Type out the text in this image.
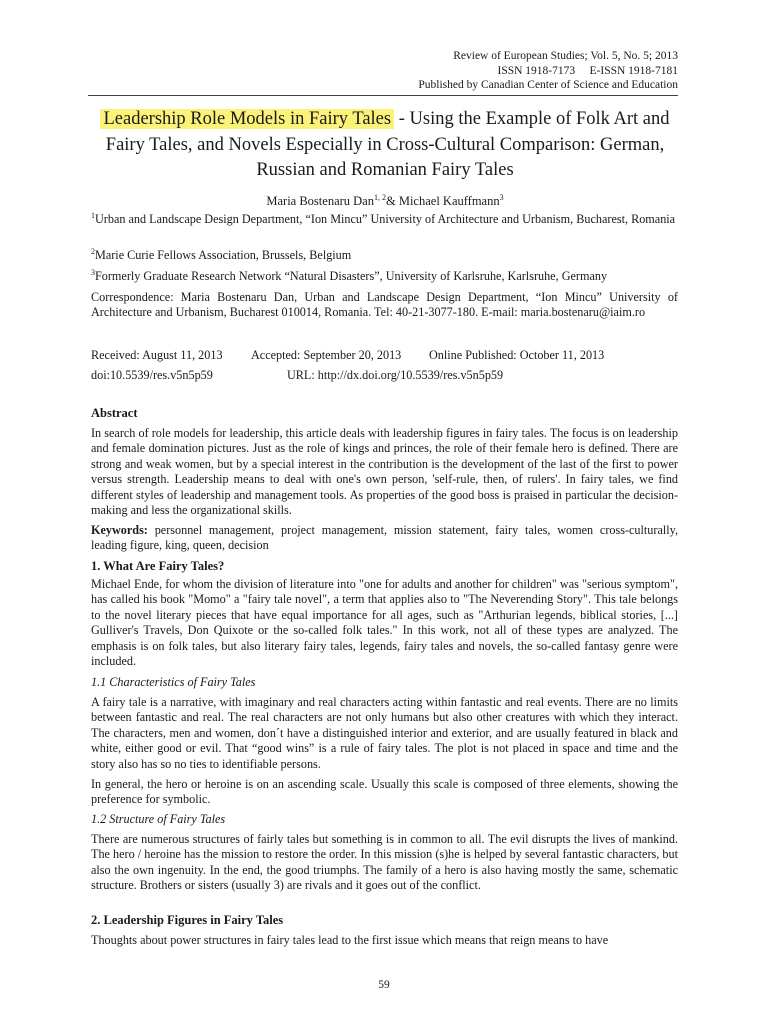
Review of European Studies; Vol. 5, No. 5; 2013
ISSN 1918-7173     E-ISSN 1918-7181
Published by Canadian Center of Science and Education
Leadership Role Models in Fairy Tales - Using the Example of Folk Art and Fairy Tales, and Novels Especially in Cross-Cultural Comparison: German, Russian and Romanian Fairy Tales
Maria Bostenaru Dan$^{1, 2}$& Michael Kauffmann$^3$
$^1$Urban and Landscape Design Department, “Ion Mincu” University of Architecture and Urbanism, Bucharest, Romania
$^2$Marie Curie Fellows Association, Brussels, Belgium
$^3$Formerly Graduate Research Network “Natural Disasters”, University of Karlsruhe, Karlsruhe, Germany
Correspondence: Maria Bostenaru Dan, Urban and Landscape Design Department, “Ion Mincu” University of Architecture and Urbanism, Bucharest 010014, Romania. Tel: 40-21-3077-180. E-mail: maria.bostenaru@iaim.ro
Received: August 11, 2013 Accepted: September 20, 2013 Online Published: October 11, 2013
doi:10.5539/res.v5n5p59	URL: http://dx.doi.org/10.5539/res.v5n5p59
Abstract
In search of role models for leadership, this article deals with leadership figures in fairy tales. The focus is on leadership and female domination pictures. Just as the role of kings and princes, the role of their female hero is defined. There are strong and weak women, but by a special interest in the contribution is the development of the last of the first to power versus strength. Leadership means to deal with one's own person, 'self-rule, then, of rulers'. In fairy tales, we find different styles of leadership and management tools. As properties of the good boss is praised in particular the decision-making and less the organizational skills.
Keywords: personnel management, project management, mission statement, fairy tales, women cross-culturally, leading figure, king, queen, decision
1. What Are Fairy Tales?
Michael Ende, for whom the division of literature into "one for adults and another for children" was "serious symptom", has called his book "Momo" a "fairy tale novel", a term that applies also to "The Neverending Story". This tale belongs to the novel literary pieces that have equal importance for all ages, such as "Arthurian legends, biblical stories, [...] Gulliver's Travels, Don Quixote or the so-called folk tales." In this work, not all of these types are analyzed. The emphasis is on folk tales, but also literary fairy tales, legends, fairy tales and novels, the so-called fantasy genre were included.
1.1 Characteristics of Fairy Tales
A fairy tale is a narrative, with imaginary and real characters acting within fantastic and real events. There are no limits between fantastic and real. The real characters are not only humans but also other creatures with which they interact. The characters, men and women, don´t have a distinguished interior and exterior, and are usually featured in black and white, either good or evil. That “good wins” is a rule of fairy tales. The plot is not placed in space and time and the story also has so no ties to identifiable persons.
In general, the hero or heroine is on an ascending scale. Usually this scale is composed of three elements, showing the preference for symbolic.
1.2 Structure of Fairy Tales
There are numerous structures of fairly tales but something is in common to all. The evil disrupts the lives of mankind. The hero / heroine has the mission to restore the order. In this mission (s)he is helped by several fantastic characters, but also the own ingenuity. In the end, the good triumphs. The family of a hero is also having mostly the same, schematic structure. Brothers or sisters (usually 3) are rivals and it goes out of the conflict.
2. Leadership Figures in Fairy Tales
Thoughts about power structures in fairy tales lead to the first issue which means that reign means to have
59
